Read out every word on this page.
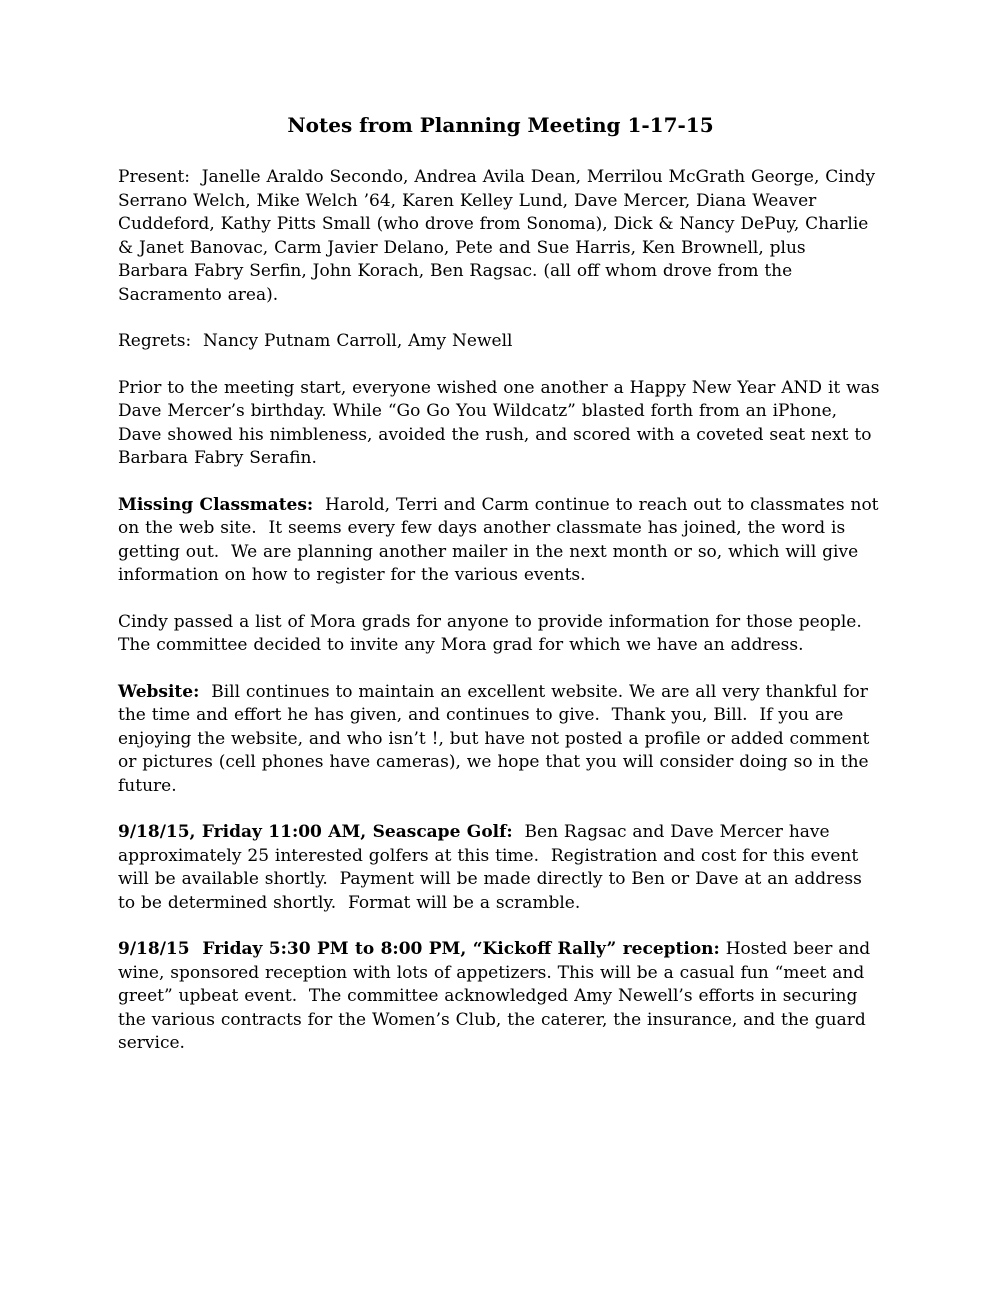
Notes from Planning Meeting 1-17-15

Present:  Janelle Araldo Secondo, Andrea Avila Dean, Merrilou McGrath George, Cindy Serrano Welch, Mike Welch ’64, Karen Kelley Lund, Dave Mercer, Diana Weaver Cuddeford, Kathy Pitts Small (who drove from Sonoma), Dick & Nancy DePuy, Charlie & Janet Banovac, Carm Javier Delano, Pete and Sue Harris, Ken Brownell, plus  Barbara Fabry Serfin, John Korach, Ben Ragsac. (all off whom drove from the Sacramento area).

Regrets:  Nancy Putnam Carroll, Amy Newell

Prior to the meeting start, everyone wished one another a Happy New Year AND it was Dave Mercer’s birthday. While “Go Go You Wildcatz” blasted forth from an iPhone, Dave showed his nimbleness, avoided the rush, and scored with a coveted seat next to Barbara Fabry Serafin.

Missing Classmates:  Harold, Terri and Carm continue to reach out to classmates not on the web site.  It seems every few days another classmate has joined, the word is getting out.  We are planning another mailer in the next month or so, which will give information on how to register for the various events.

Cindy passed a list of Mora grads for anyone to provide information for those people.  The committee decided to invite any Mora grad for which we have an address.

Website:  Bill continues to maintain an excellent website. We are all very thankful for the time and effort he has given, and continues to give.  Thank you, Bill.  If you are enjoying the website, and who isn’t !, but have not posted a profile or added comment or pictures (cell phones have cameras), we hope that you will consider doing so in the future.

9/18/15, Friday 11:00 AM, Seascape Golf:  Ben Ragsac and Dave Mercer have approximately 25 interested golfers at this time.  Registration and cost for this event will be available shortly.  Payment will be made directly to Ben or Dave at an address to be determined shortly.  Format will be a scramble.

9/18/15  Friday 5:30 PM to 8:00 PM, “Kickoff Rally” reception: Hosted beer and wine, sponsored reception with lots of appetizers. This will be a casual fun “meet and greet” upbeat event.  The committee acknowledged Amy Newell’s efforts in securing the various contracts for the Women’s Club, the caterer, the insurance, and the guard service.
